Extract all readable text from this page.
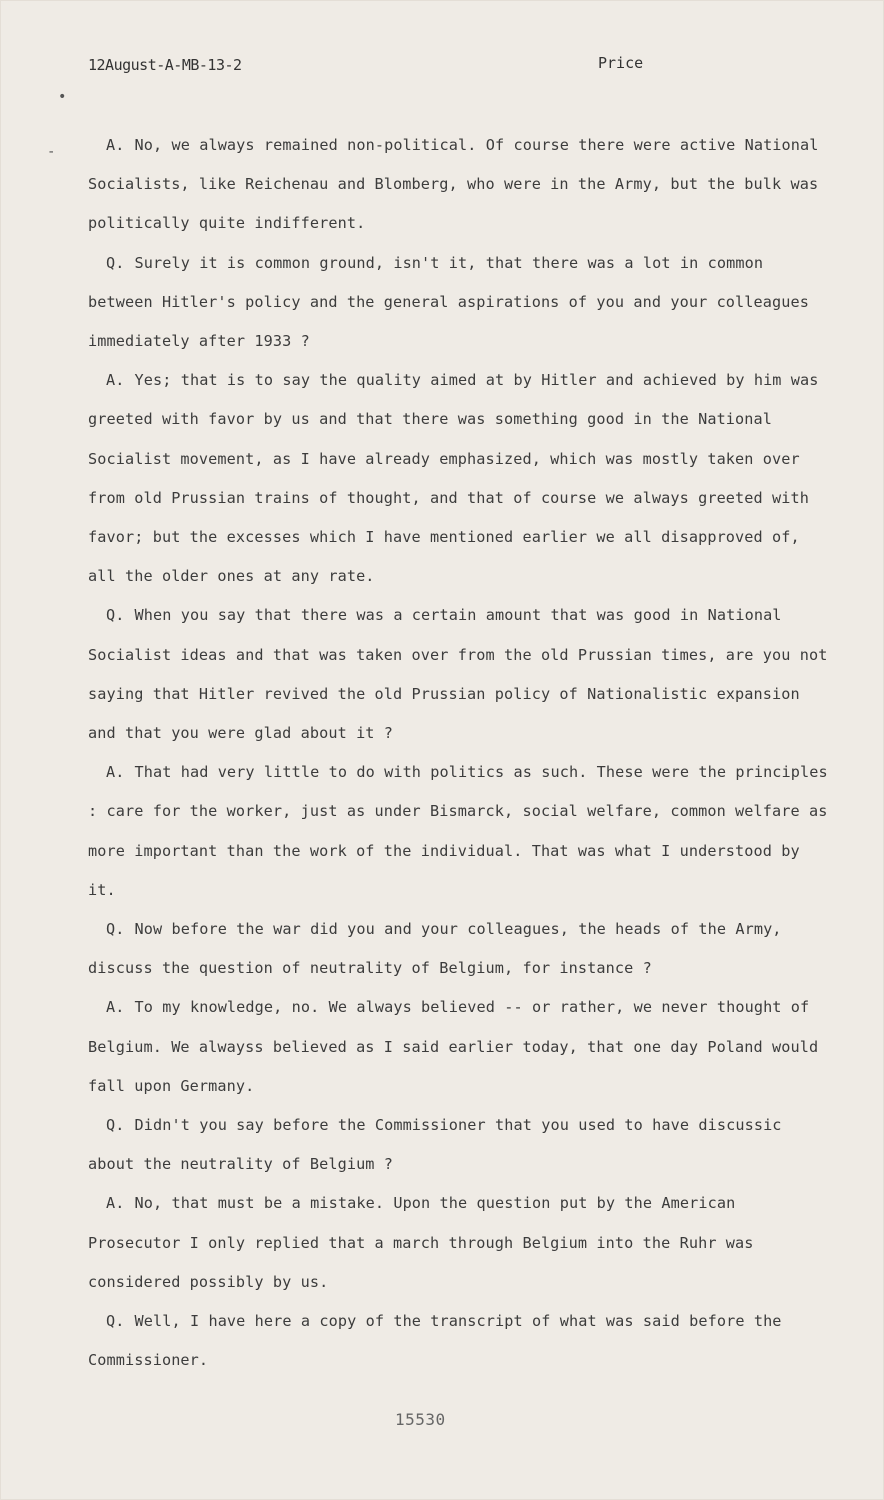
12August-A-MB-13-2	Price
•
-	A. No, we always remained non-political. Of course there were active National Socialists, like Reichenau and Blomberg, who were in the Army, but the bulk was politically quite indifferent.

Q. Surely it is common ground, isn't it, that there was a lot in common between Hitler's policy and the general aspirations of you and your colleagues immediately after 1933 ?

A. Yes; that is to say the quality aimed at by Hitler and achieved by him was greeted with favor by us and that there was something good in the National Socialist movement, as I have already emphasized, which was mostly taken over from old Prussian trains of thought, and that of course we always greeted with favor; but the excesses which I have mentioned earlier we all disapproved of, all the older ones at any rate.

Q. When you say that there was a certain amount that was good in National Socialist ideas and that was taken over from the old Prussian times, are you not saying that Hitler revived the old Prussian policy of Nationalistic expansion and that you were glad about it ?

A. That had very little to do with politics as such. These were the principles : care for the worker, just as under Bismarck, social welfare, common welfare as more important than the work of the individual. That was what I understood by it.

Q. Now before the war did you and your colleagues, the heads of the Army, discuss the question of neutrality of Belgium, for instance ?

A. To my knowledge, no. We always believed -- or rather, we never thought of Belgium. We alwayss believed as I said earlier today, that one day Poland would fall upon Germany.

Q. Didn't you say before the Commissioner that you used to have discussic about the neutrality of Belgium ?

A. No, that must be a mistake. Upon the question put by the American Prosecutor I only replied that a march through Belgium into the Ruhr was considered possibly by us.

Q. Well, I have here a copy of the transcript of what was said before the Commissioner.

15530
